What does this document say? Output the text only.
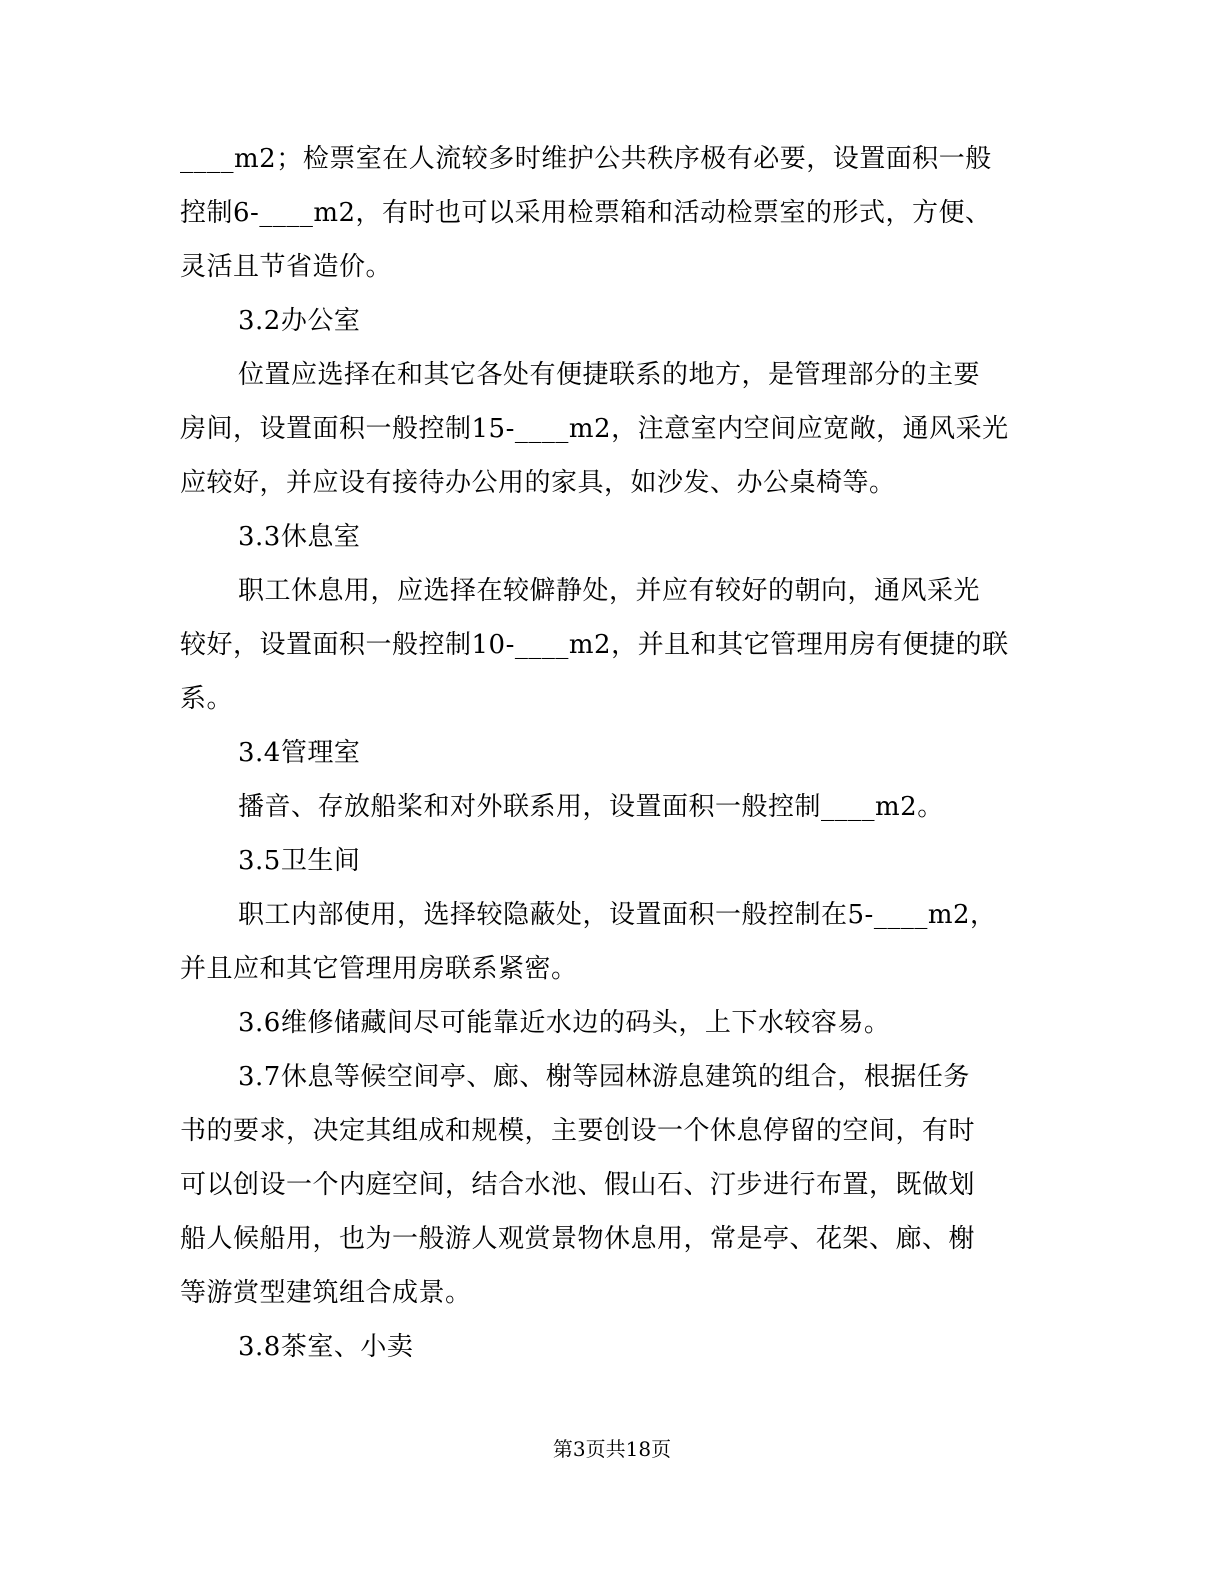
____m2；检票室在人流较多时维护公共秩序极有必要，设置面积一般
控制6-____m2，有时也可以采用检票箱和活动检票室的形式，方便、
灵活且节省造价。
3.2办公室
位置应选择在和其它各处有便捷联系的地方，是管理部分的主要
房间，设置面积一般控制15-____m2，注意室内空间应宽敞，通风采光
应较好，并应设有接待办公用的家具，如沙发、办公桌椅等。
3.3休息室
职工休息用，应选择在较僻静处，并应有较好的朝向，通风采光
较好，设置面积一般控制10-____m2，并且和其它管理用房有便捷的联
系。
3.4管理室
播音、存放船桨和对外联系用，设置面积一般控制____m2。
3.5卫生间
职工内部使用，选择较隐蔽处，设置面积一般控制在5-____m2，
并且应和其它管理用房联系紧密。
3.6维修储藏间尽可能靠近水边的码头，上下水较容易。
3.7休息等候空间亭、廊、榭等园林游息建筑的组合，根据任务
书的要求，决定其组成和规模，主要创设一个休息停留的空间，有时
可以创设一个内庭空间，结合水池、假山石、汀步进行布置，既做划
船人候船用，也为一般游人观赏景物休息用，常是亭、花架、廊、榭
等游赏型建筑组合成景。
3.8茶室、小卖
第3页共18页
